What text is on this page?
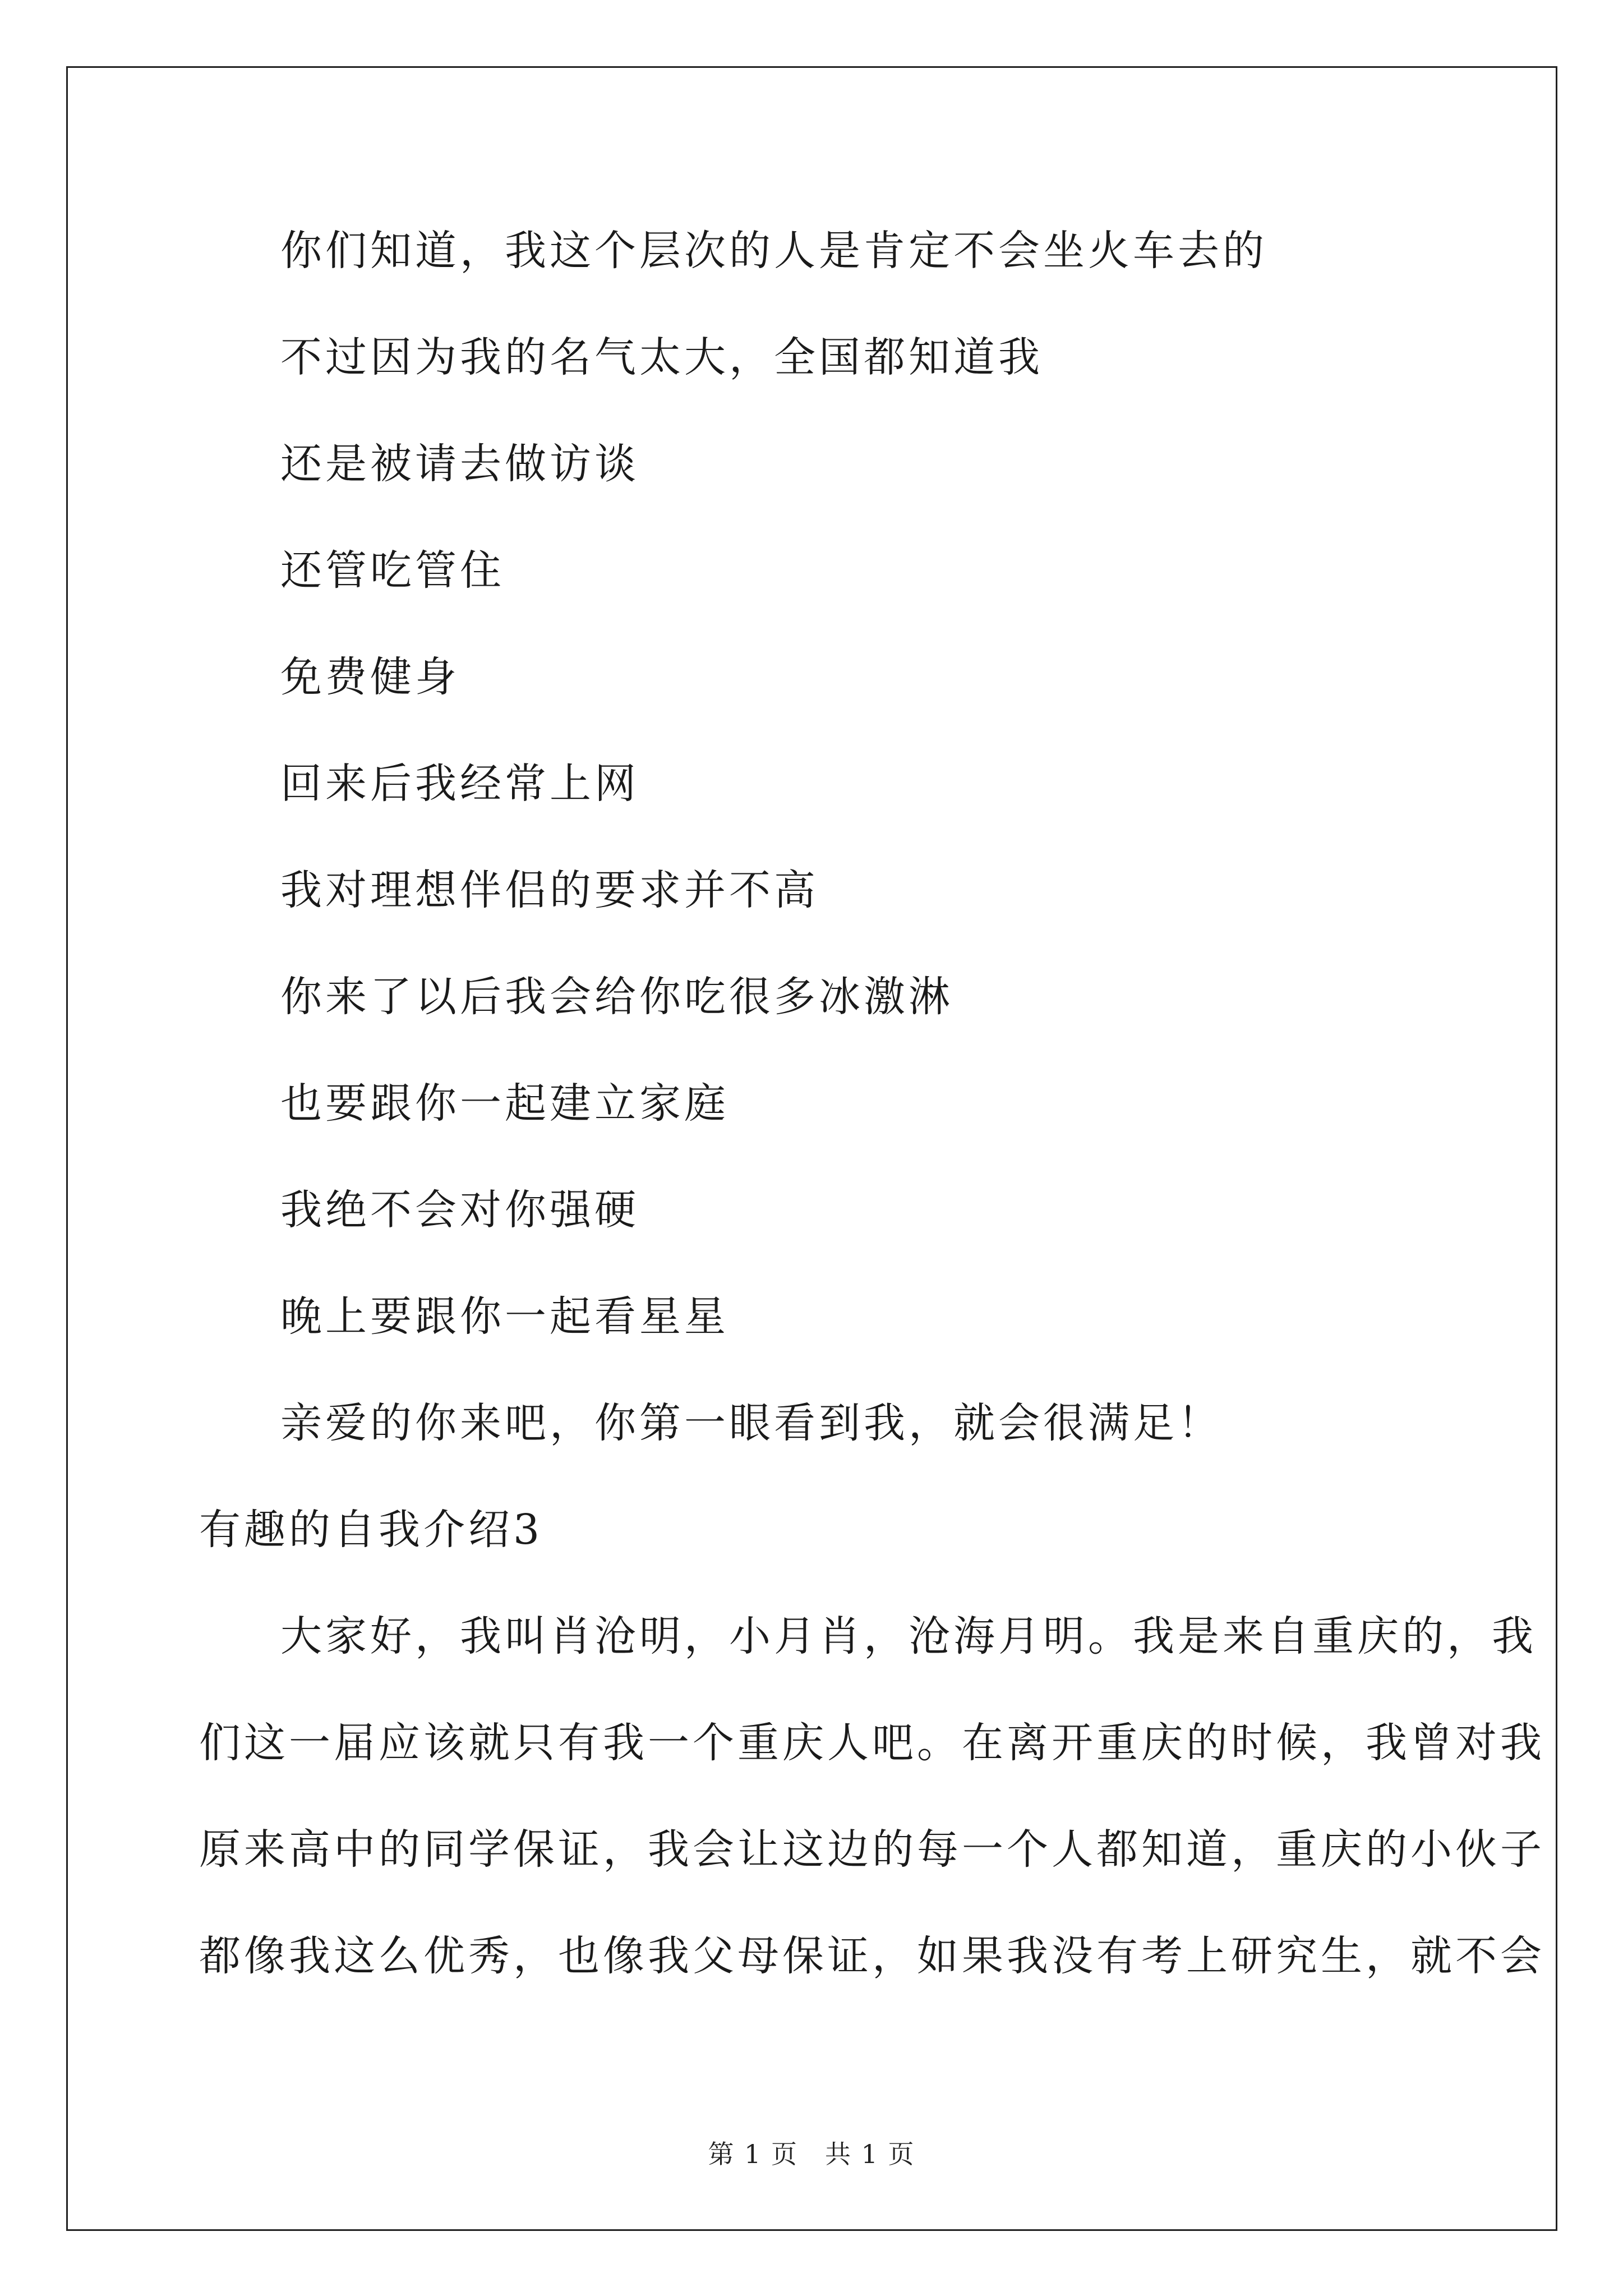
你们知道，我这个层次的人是肯定不会坐火车去的
不过因为我的名气太大，全国都知道我
还是被请去做访谈
还管吃管住
免费健身
回来后我经常上网
我对理想伴侣的要求并不高
你来了以后我会给你吃很多冰激淋
也要跟你一起建立家庭
我绝不会对你强硬
晚上要跟你一起看星星
亲爱的你来吧，你第一眼看到我，就会很满足！
有趣的自我介绍3
大家好，我叫肖沧明，小月肖，沧海月明。我是来自重庆的，我
们这一届应该就只有我一个重庆人吧。在离开重庆的时候，我曾对我
原来高中的同学保证，我会让这边的每一个人都知道，重庆的小伙子
都像我这么优秀，也像我父母保证，如果我没有考上研究生，就不会
第 1 页　共 1 页
